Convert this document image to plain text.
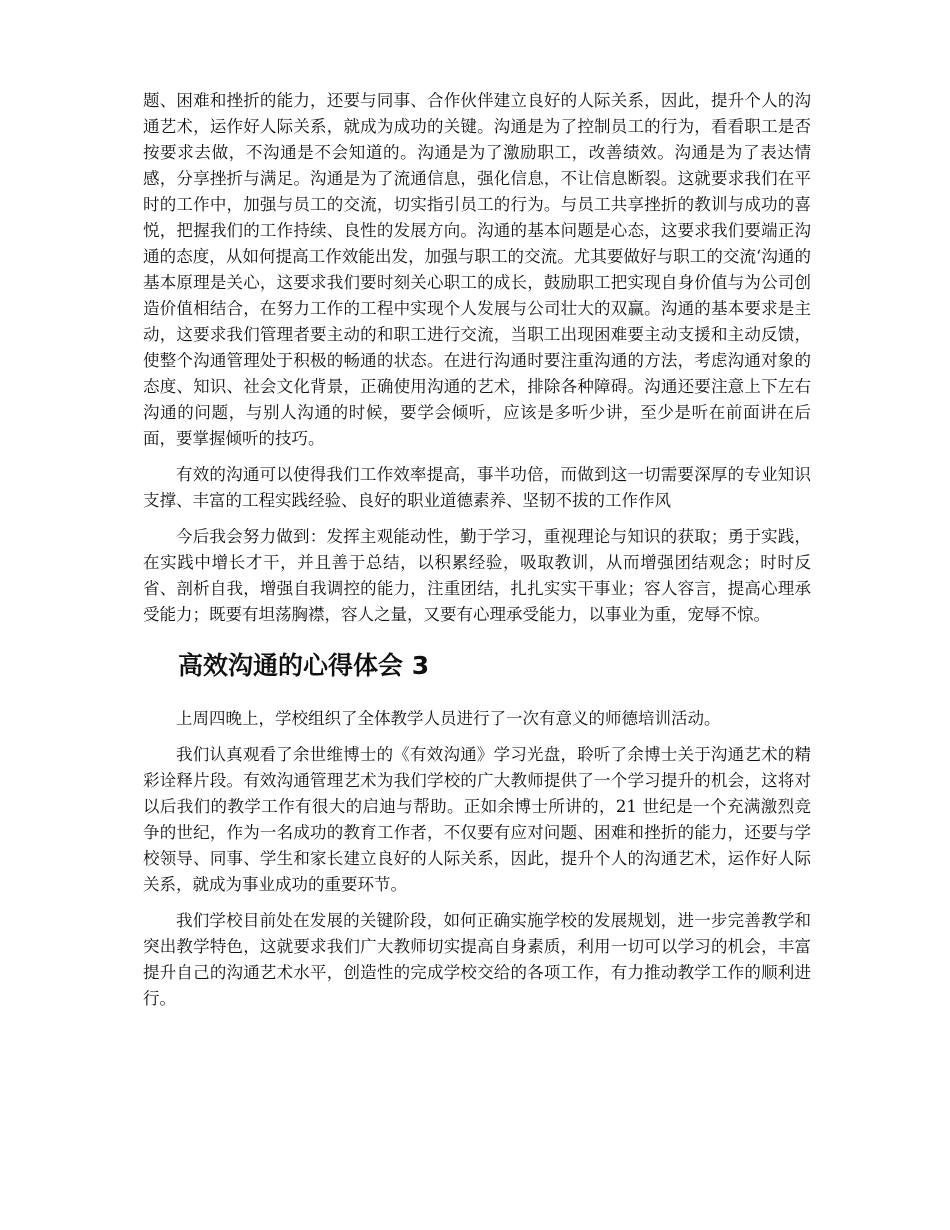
题、困难和挫折的能力，还要与同事、合作伙伴建立良好的人际关系，因此，提升个人的沟通艺术，运作好人际关系，就成为成功的关键。沟通是为了控制员工的行为，看看职工是否按要求去做，不沟通是不会知道的。沟通是为了激励职工，改善绩效。沟通是为了表达情感，分享挫折与满足。沟通是为了流通信息，强化信息，不让信息断裂。这就要求我们在平时的工作中，加强与员工的交流，切实指引员工的行为。与员工共享挫折的教训与成功的喜悦，把握我们的工作持续、良性的发展方向。沟通的基本问题是心态，这要求我们要端正沟通的态度，从如何提高工作效能出发，加强与职工的交流。尤其要做好与职工的交流‘沟通的基本原理是关心，这要求我们要时刻关心职工的成长，鼓励职工把实现自身价值与为公司创造价值相结合，在努力工作的工程中实现个人发展与公司壮大的双赢。沟通的基本要求是主动，这要求我们管理者要主动的和职工进行交流，当职工出现困难要主动支援和主动反馈，使整个沟通管理处于积极的畅通的状态。在进行沟通时要注重沟通的方法，考虑沟通对象的态度、知识、社会文化背景，正确使用沟通的艺术，排除各种障碍。沟通还要注意上下左右沟通的问题，与别人沟通的时候，要学会倾听，应该是多听少讲，至少是听在前面讲在后面，要掌握倾听的技巧。

有效的沟通可以使得我们工作效率提高，事半功倍，而做到这一切需要深厚的专业知识支撑、丰富的工程实践经验、良好的职业道德素养、坚韧不拔的工作作风

今后我会努力做到：发挥主观能动性，勤于学习，重视理论与知识的获取；勇于实践，在实践中增长才干，并且善于总结，以积累经验，吸取教训，从而增强团结观念；时时反省、剖析自我，增强自我调控的能力，注重团结，扎扎实实干事业；容人容言，提高心理承受能力；既要有坦荡胸襟，容人之量，又要有心理承受能力，以事业为重，宠辱不惊。

高效沟通的心得体会 3

上周四晚上，学校组织了全体教学人员进行了一次有意义的师德培训活动。

我们认真观看了余世维博士的《有效沟通》学习光盘，聆听了余博士关于沟通艺术的精彩诠释片段。有效沟通管理艺术为我们学校的广大教师提供了一个学习提升的机会，这将对以后我们的教学工作有很大的启迪与帮助。正如余博士所讲的，21 世纪是一个充满激烈竞争的世纪，作为一名成功的教育工作者，不仅要有应对问题、困难和挫折的能力，还要与学校领导、同事、学生和家长建立良好的人际关系，因此，提升个人的沟通艺术，运作好人际关系，就成为事业成功的重要环节。

我们学校目前处在发展的关键阶段，如何正确实施学校的发展规划，进一步完善教学和突出教学特色，这就要求我们广大教师切实提高自身素质，利用一切可以学习的机会，丰富提升自己的沟通艺术水平，创造性的完成学校交给的各项工作，有力推动教学工作的顺利进行。
